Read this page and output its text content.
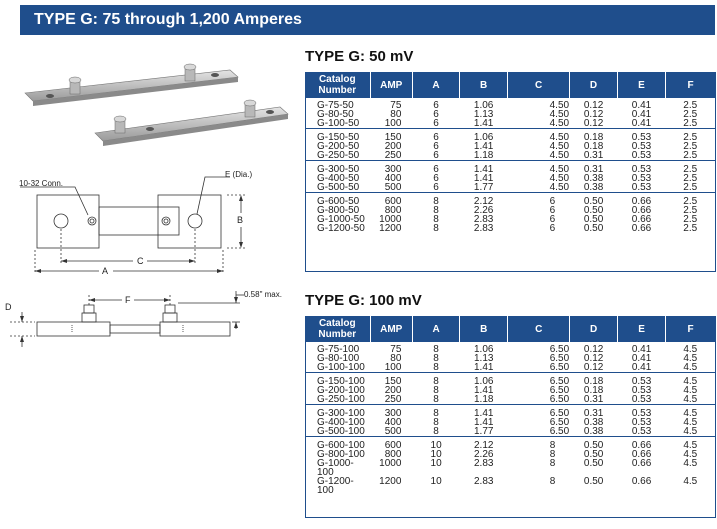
TYPE G: 75 through 1,200 Amperes
10-32 Conn.
E (Dia.)
C
A
B
F
0.58" max.
D
TYPE G: 50 mV
Catalog
Number	AMP	A	B	C	D	E	F
G-75-50	75	6	1.06	4.50	0.12	0.41	2.5
G-80-50	80	6	1.13	4.50	0.12	0.41	2.5
G-100-50	100	6	1.41	4.50	0.12	0.41	2.5
G-150-50	150	6	1.06	4.50	0.18	0.53	2.5
G-200-50	200	6	1.41	4.50	0.18	0.53	2.5
G-250-50	250	6	1.18	4.50	0.31	0.53	2.5
G-300-50	300	6	1.41	4.50	0.31	0.53	2.5
G-400-50	400	6	1.41	4.50	0.38	0.53	2.5
G-500-50	500	6	1.77	4.50	0.38	0.53	2.5
G-600-50	600	8	2.12	6	0.50	0.66	2.5
G-800-50	800	8	2.26	6	0.50	0.66	2.5
G-1000-50	1000	8	2.83	6	0.50	0.66	2.5
G-1200-50	1200	8	2.83	6	0.50	0.66	2.5
TYPE G: 100 mV
Catalog
Number	AMP	A	B	C	D	E	F
G-75-100	75	8	1.06	6.50	0.12	0.41	4.5
G-80-100	80	8	1.13	6.50	0.12	0.41	4.5
G-100-100	100	8	1.41	6.50	0.12	0.41	4.5
G-150-100	150	8	1.06	6.50	0.18	0.53	4.5
G-200-100	200	8	1.41	6.50	0.18	0.53	4.5
G-250-100	250	8	1.18	6.50	0.31	0.53	4.5
G-300-100	300	8	1.41	6.50	0.31	0.53	4.5
G-400-100	400	8	1.41	6.50	0.38	0.53	4.5
G-500-100	500	8	1.77	6.50	0.38	0.53	4.5
G-600-100	600	10	2.12	8	0.50	0.66	4.5
G-800-100	800	10	2.26	8	0.50	0.66	4.5
G-1000-100	1000	10	2.83	8	0.50	0.66	4.5
G-1200-100	1200	10	2.83	8	0.50	0.66	4.5
